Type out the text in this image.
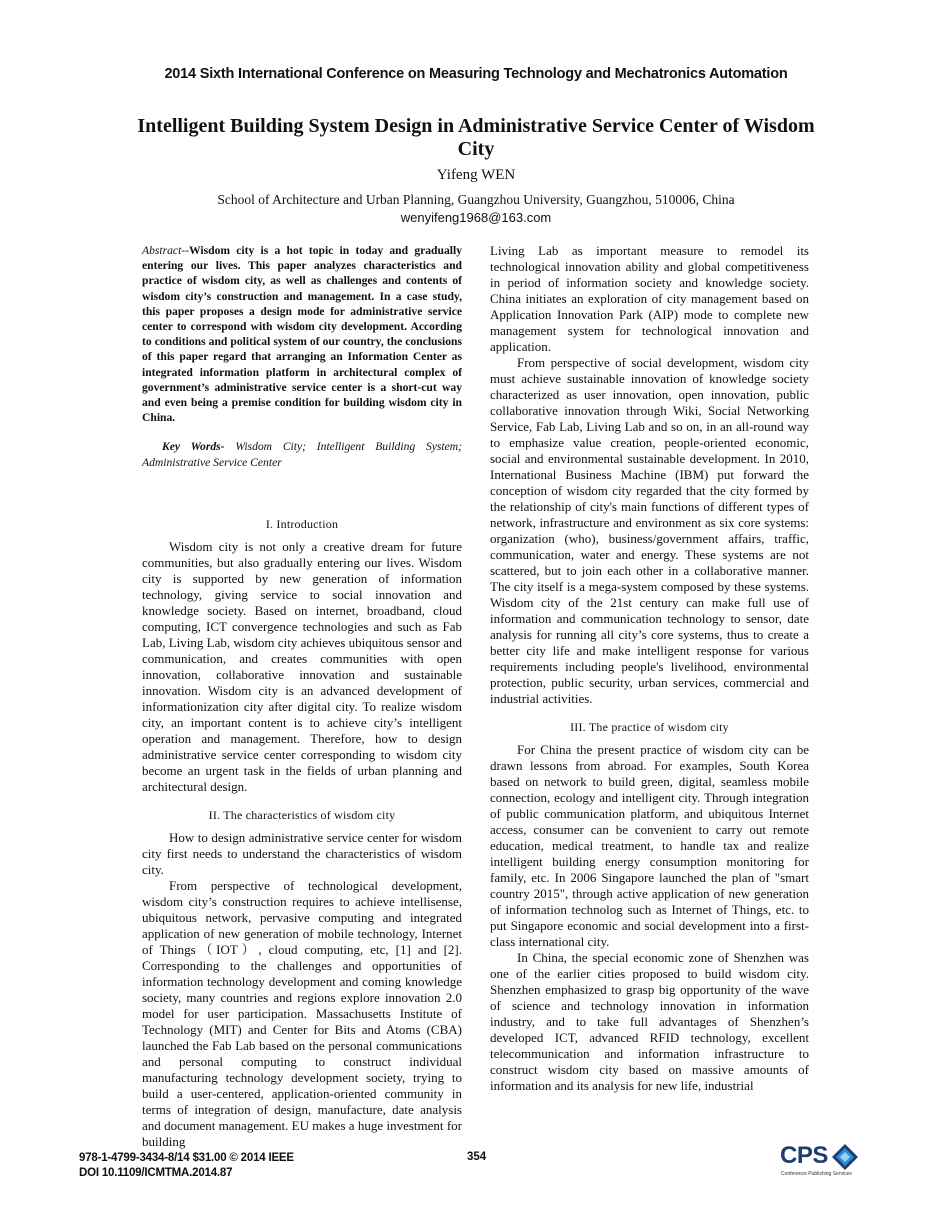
2014 Sixth International Conference on Measuring Technology and Mechatronics Automation
Intelligent Building System Design in Administrative Service Center of Wisdom City
Yifeng WEN
School of Architecture and Urban Planning, Guangzhou University, Guangzhou, 510006, China
wenyifeng1968@163.com

Abstract--Wisdom city is a hot topic in today and gradually entering our lives. This paper analyzes characteristics and practice of wisdom city, as well as challenges and contents of wisdom city’s construction and management. In a case study, this paper proposes a design mode for administrative service center to correspond with wisdom city development. According to conditions and political system of our country, the conclusions of this paper regard that arranging an Information Center as integrated information platform in architectural complex of government’s administrative service center is a short-cut way and even being a premise condition for building wisdom city in China.

Key Words- Wisdom City; Intelligent Building System; Administrative Service Center

I. Introduction

Wisdom city is not only a creative dream for future communities, but also gradually entering our lives. Wisdom city is supported by new generation of information technology, giving service to social innovation and knowledge society. Based on internet, broadband, cloud computing, ICT convergence technologies and such as Fab Lab, Living Lab, wisdom city achieves ubiquitous sensor and communication, and creates communities with open innovation, collaborative innovation and sustainable innovation. Wisdom city is an advanced development of informationization city after digital city. To realize wisdom city, an important content is to achieve city’s intelligent operation and management. Therefore, how to design administrative service center corresponding to wisdom city become an urgent task in the fields of urban planning and architectural design.

II. The characteristics of wisdom city

How to design administrative service center for wisdom city first needs to understand the characteristics of wisdom city.

From perspective of technological development, wisdom city’s construction requires to achieve intellisense, ubiquitous network, pervasive computing and integrated application of new generation of mobile technology, Internet of Things（IOT）, cloud computing, etc, [1] and [2]. Corresponding to the challenges and opportunities of information technology development and coming knowledge society, many countries and regions explore innovation 2.0 model for user participation. Massachusetts Institute of Technology (MIT) and Center for Bits and Atoms (CBA) launched the Fab Lab based on the personal communications and personal computing to construct individual manufacturing technology development society, trying to build a user-centered, application-oriented community in terms of integration of design, manufacture, date analysis and document management. EU makes a huge investment for building

Living Lab as important measure to remodel its technological innovation ability and global competitiveness in period of information society and knowledge society. China initiates an exploration of city management based on Application Innovation Park (AIP) mode to complete new management system for technological innovation and application.

From perspective of social development, wisdom city must achieve sustainable innovation of knowledge society characterized as user innovation, open innovation, public collaborative innovation through Wiki, Social Networking Service, Fab Lab, Living Lab and so on, in an all-round way to emphasize value creation, people-oriented economic, social and environmental sustainable development. In 2010, International Business Machine (IBM) put forward the conception of wisdom city regarded that the city formed by the relationship of city's main functions of different types of network, infrastructure and environment as six core systems: organization (who), business/government affairs, traffic, communication, water and energy. These systems are not scattered, but to join each other in a collaborative manner. The city itself is a mega-system composed by these systems. Wisdom city of the 21st century can make full use of information and communication technology to sensor, date analysis for running all city’s core systems, thus to create a better city life and make intelligent response for various requirements including people's livelihood, environmental protection, public security, urban services, commercial and industrial activities.

III. The practice of wisdom city

For China the present practice of wisdom city can be drawn lessons from abroad. For examples, South Korea based on network to build green, digital, seamless mobile connection, ecology and intelligent city. Through integration of public communication platform, and ubiquitous Internet access, consumer can be convenient to carry out remote education, medical treatment, to handle tax and realize intelligent building energy consumption monitoring for family, etc. In 2006 Singapore launched the plan of "smart country 2015", through active application of new generation of information technolog such as Internet of Things, etc. to put Singapore economic and social development into a first-class international city.

In China, the special economic zone of Shenzhen was one of the earlier cities proposed to build wisdom city. Shenzhen emphasized to grasp big opportunity of the wave of science and technology innovation in information industry, and to take full advantages of Shenzhen’s developed ICT, advanced RFID technology, excellent telecommunication and information infrastructure to construct wisdom city based on massive amounts of information and its analysis for new life, industrial

978-1-4799-3434-8/14 $31.00 © 2014 IEEE
DOI 10.1109/ICMTMA.2014.87
354	CPS
Conference Publishing Services
